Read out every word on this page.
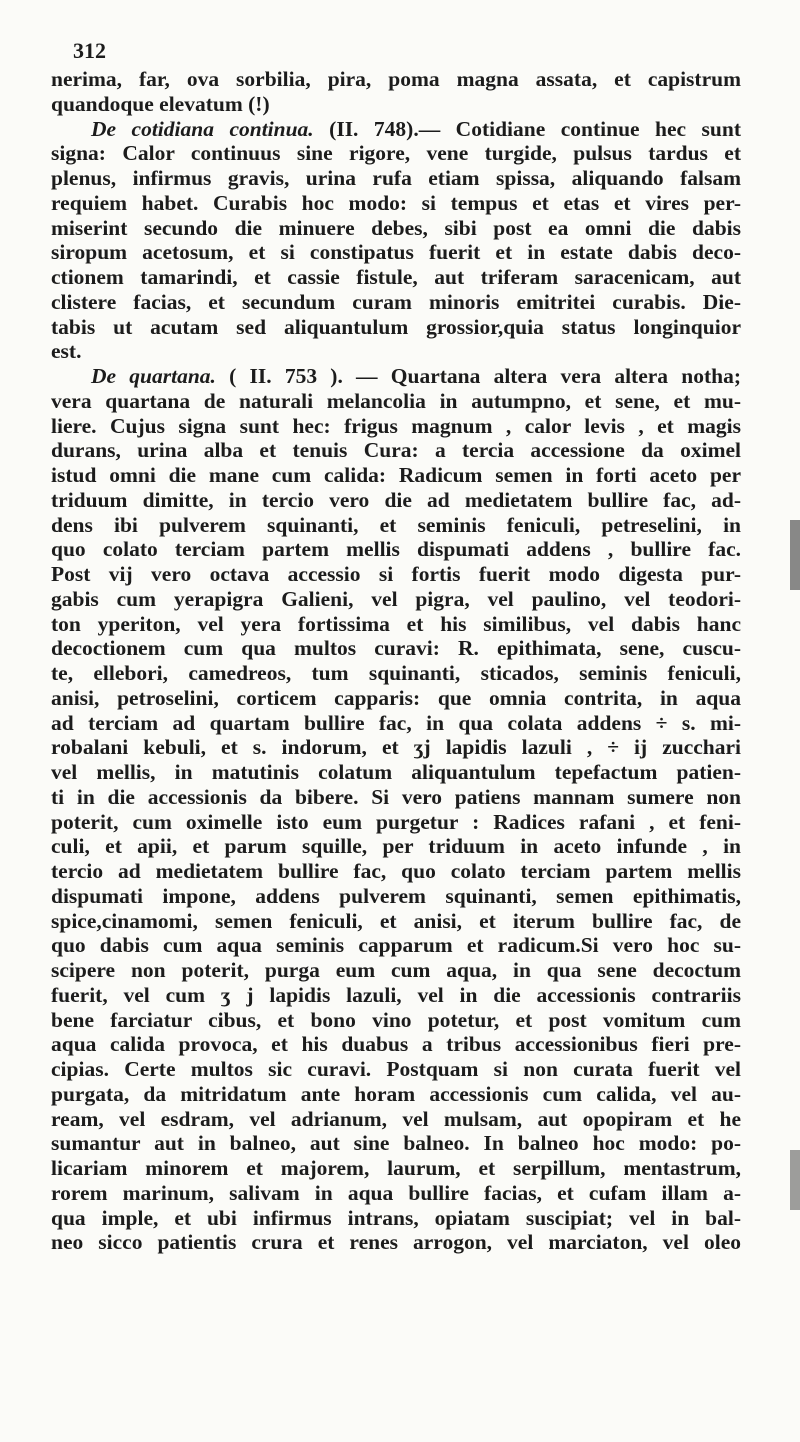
312
nerima, far, ova sorbilia, pira, poma magna assata, et capistrum
quandoque elevatum (!)
De cotidiana continua. (II. 748).— Cotidiane continue hec sunt
signa: Calor continuus sine rigore, vene turgide, pulsus tardus et
plenus, infirmus gravis, urina rufa etiam spissa, aliquando falsam
requiem habet. Curabis hoc modo: si tempus et etas et vires per-
miserint secundo die minuere debes, sibi post ea omni die dabis
siropum acetosum, et si constipatus fuerit et in estate dabis deco-
ctionem tamarindi, et cassie fistule, aut triferam saracenicam, aut
clistere facias, et secundum curam minoris emitritei curabis. Die-
tabis ut acutam sed aliquantulum grossior,quia status longinquior
est.
De quartana. ( II. 753 ). — Quartana altera vera altera notha;
vera quartana de naturali melancolia in autumpno, et sene, et mu-
liere. Cujus signa sunt hec: frigus magnum , calor levis , et magis
durans, urina alba et tenuis Cura: a tercia accessione da oximel
istud omni die mane cum calida: Radicum semen in forti aceto per
triduum dimitte, in tercio vero die ad medietatem bullire fac, ad-
dens ibi pulverem squinanti, et seminis feniculi, petreselini, in
quo colato terciam partem mellis dispumati addens , bullire fac.
Post vij vero octava accessio si fortis fuerit modo digesta pur-
gabis cum yerapigra Galieni, vel pigra, vel paulino, vel teodori-
ton yperiton, vel yera fortissima et his similibus, vel dabis hanc
decoctionem cum qua multos curavi: R. epithimata, sene, cuscu-
te, ellebori, camedreos, tum squinanti, sticados, seminis feniculi,
anisi, petroselini, corticem capparis: que omnia contrita, in aqua
ad terciam ad quartam bullire fac, in qua colata addens ÷ s. mi-
robalani kebuli, et s. indorum, et ʒj lapidis lazuli , ÷ ij zucchari
vel mellis, in matutinis colatum aliquantulum tepefactum patien-
ti in die accessionis da bibere. Si vero patiens mannam sumere non
poterit, cum oximelle isto eum purgetur : Radices rafani , et feni-
culi, et apii, et parum squille, per triduum in aceto infunde , in
tercio ad medietatem bullire fac, quo colato terciam partem mellis
dispumati impone, addens pulverem squinanti, semen epithimatis,
spice,cinamomi, semen feniculi, et anisi, et iterum bullire fac, de
quo dabis cum aqua seminis capparum et radicum.Si vero hoc su-
scipere non poterit, purga eum cum aqua, in qua sene decoctum
fuerit, vel cum ʒ j lapidis lazuli, vel in die accessionis contrariis
bene farciatur cibus, et bono vino potetur, et post vomitum cum
aqua calida provoca, et his duabus a tribus accessionibus fieri pre-
cipias. Certe multos sic curavi. Postquam si non curata fuerit vel
purgata, da mitridatum ante horam accessionis cum calida, vel au-
ream, vel esdram, vel adrianum, vel mulsam, aut opopiram et he
sumantur aut in balneo, aut sine balneo. In balneo hoc modo: po-
licariam minorem et majorem, laurum, et serpillum, mentastrum,
rorem marinum, salivam in aqua bullire facias, et cufam illam a-
qua imple, et ubi infirmus intrans, opiatam suscipiat; vel in bal-
neo sicco patientis crura et renes arrogon, vel marciaton, vel oleo
